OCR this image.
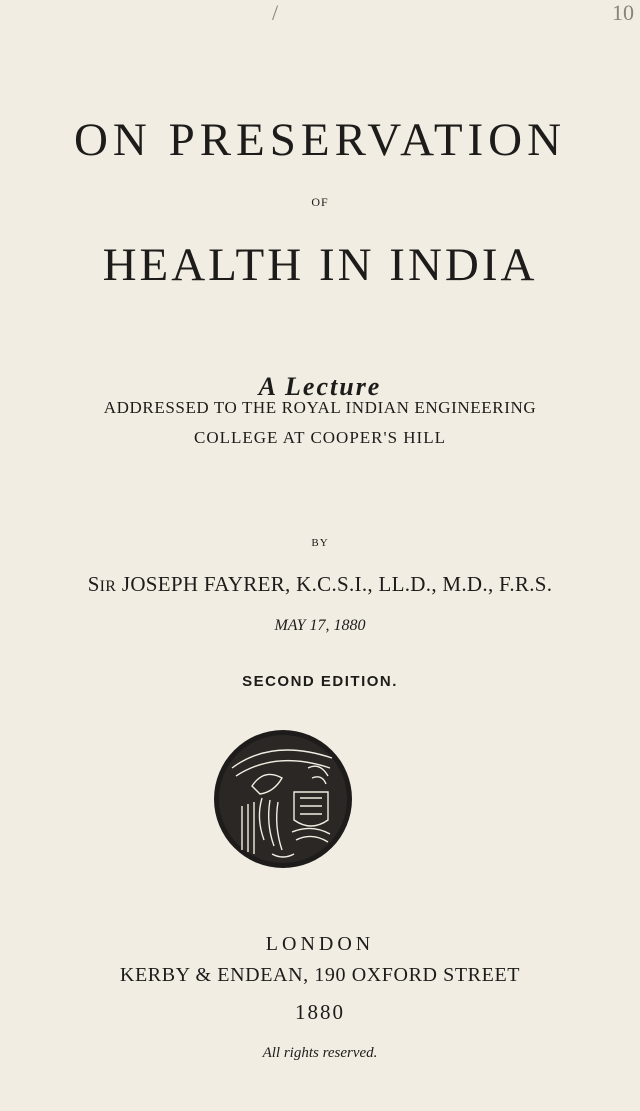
/	10
ON PRESERVATION
OF
HEALTH IN INDIA
A Lecture
ADDRESSED TO THE ROYAL INDIAN ENGINEERING
COLLEGE AT COOPER'S HILL
BY
SIR JOSEPH FAYRER, K.C.S.I., LL.D., M.D., F.R.S.
MAY 17, 1880
SECOND EDITION.
LONDON
KERBY & ENDEAN, 190 OXFORD STREET
1880
All rights reserved.
